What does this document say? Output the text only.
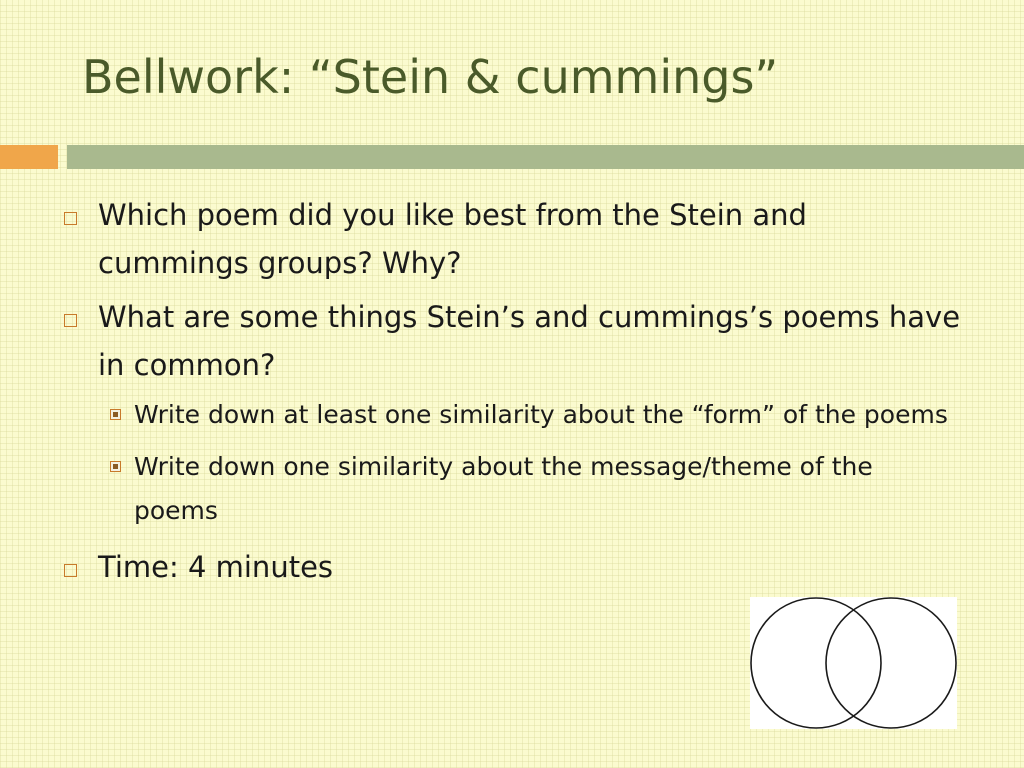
Bellwork: “Stein & cummings”
Which poem did you like best from the Stein and cummings groups? Why?
What are some things Stein’s and cummings’s poems have in common?
Write down at least one similarity about the “form” of the poems
Write down one similarity about the message/theme of the poems
Time: 4 minutes
